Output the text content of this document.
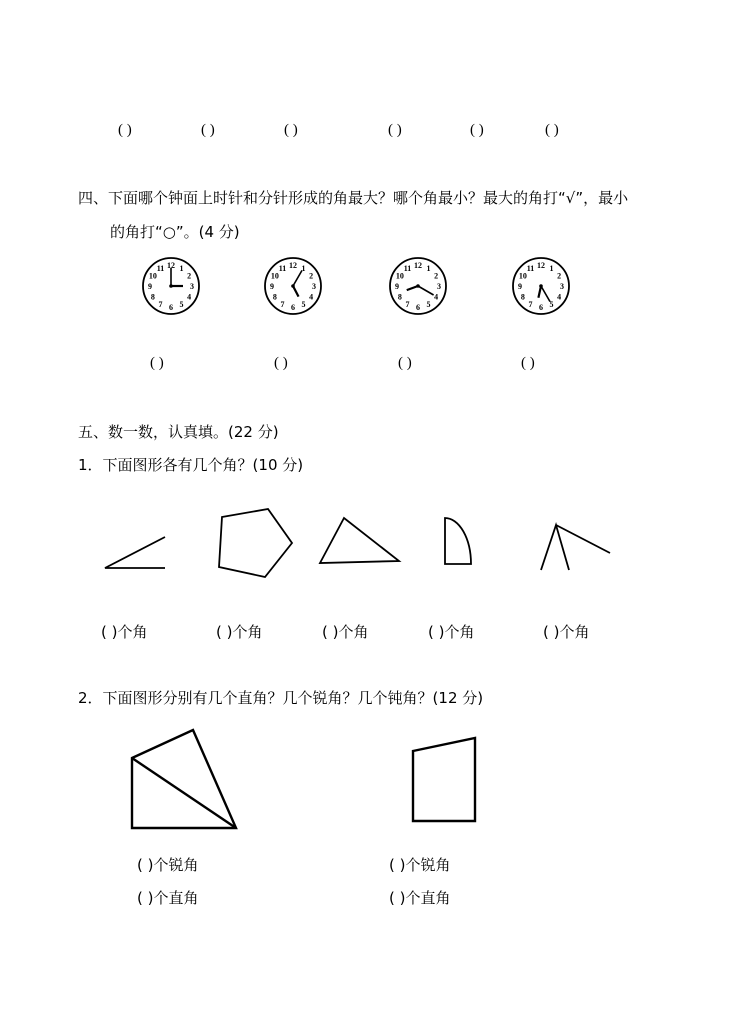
( )	( )	( )	( )	( )	( )
四、下面哪个钟面上时针和分针形成的角最大？哪个角最小？最大的角打“√”，最小
的角打“○”。(4 分)
12 1
2
3
4
5
6
7
8
9
10
11	12 1
2
3
4
5
6
7
8
9
10
11	12 1
2
3
4
5
6
7
8
9
10
11	12 1
2
3
4
5
6
7
8
9
10
11
( )	( )	( )	( )
五、数一数，认真填。(22 分)
1．下面图形各有几个角？(10 分)
( )个角	( )个角	( )个角	( )个角	( )个角
2．下面图形分别有几个直角？几个锐角？几个钝角？(12 分)
( )个锐角
( )个直角
( )个锐角
( )个直角
